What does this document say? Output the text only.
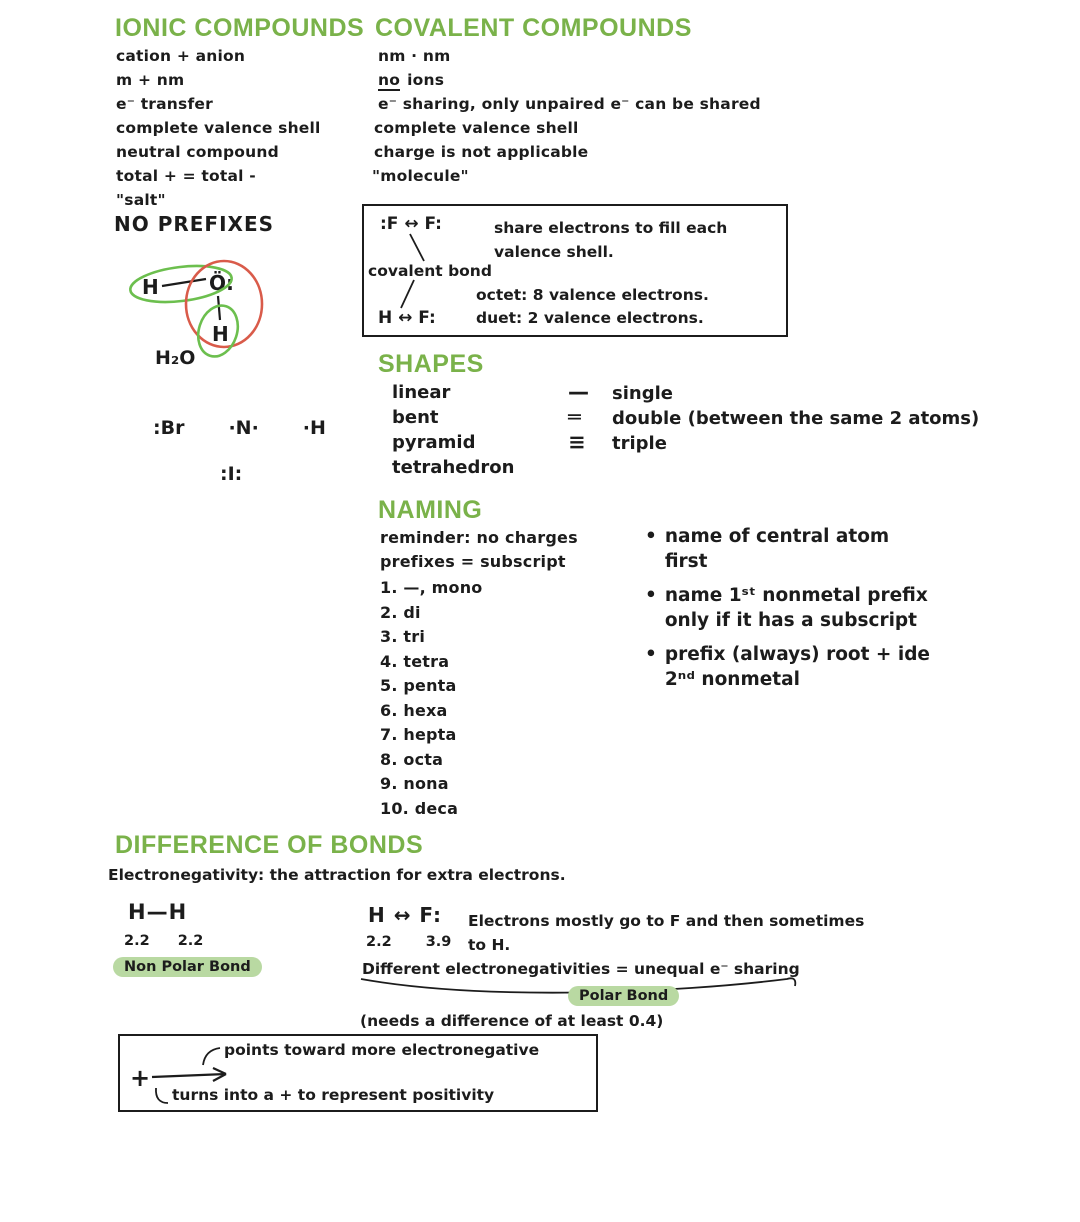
IONIC COMPOUNDS
cation + anion
m + nm
e⁻ transfer
complete valence shell
neutral compound
total + = total -
"salt"
NO PREFIXES
H	Ö:
H
H₂O
:Br ·N· ·H
:I:
COVALENT COMPOUNDS
nm · nm
no ions
e⁻ sharing, only unpaired e⁻ can be shared
complete valence shell
charge is not applicable
"molecule"
:F ↔ F:	share electrons to fill each valence shell.
covalent bond
octet: 8 valence electrons.
H ↔ F:	duet: 2 valence electrons.
SHAPES
linear
bent
pyramid
tetrahedron
—	single
═	double (between the same 2 atoms)
≡	triple
NAMING
reminder: no charges
prefixes = subscript
1. —, mono
2. di
3. tri
4. tetra
5. penta
6. hexa
7. hepta
8. octa
9. nona
10. deca
• name of central atom first
• name 1ˢᵗ nonmetal prefix only if it has a subscript
• prefix (always) root + ide 2ⁿᵈ nonmetal
DIFFERENCE OF BONDS
Electronegativity: the attraction for extra electrons.
H—H
2.2 2.2
Non Polar Bond
H ↔ F: Electrons mostly go to F and then sometimes
2.2 3.9 to H.
Different electronegativities = unequal e⁻ sharing
Polar Bond
(needs a difference of at least 0.4)
+
points toward more electronegative
turns into a + to represent positivity
